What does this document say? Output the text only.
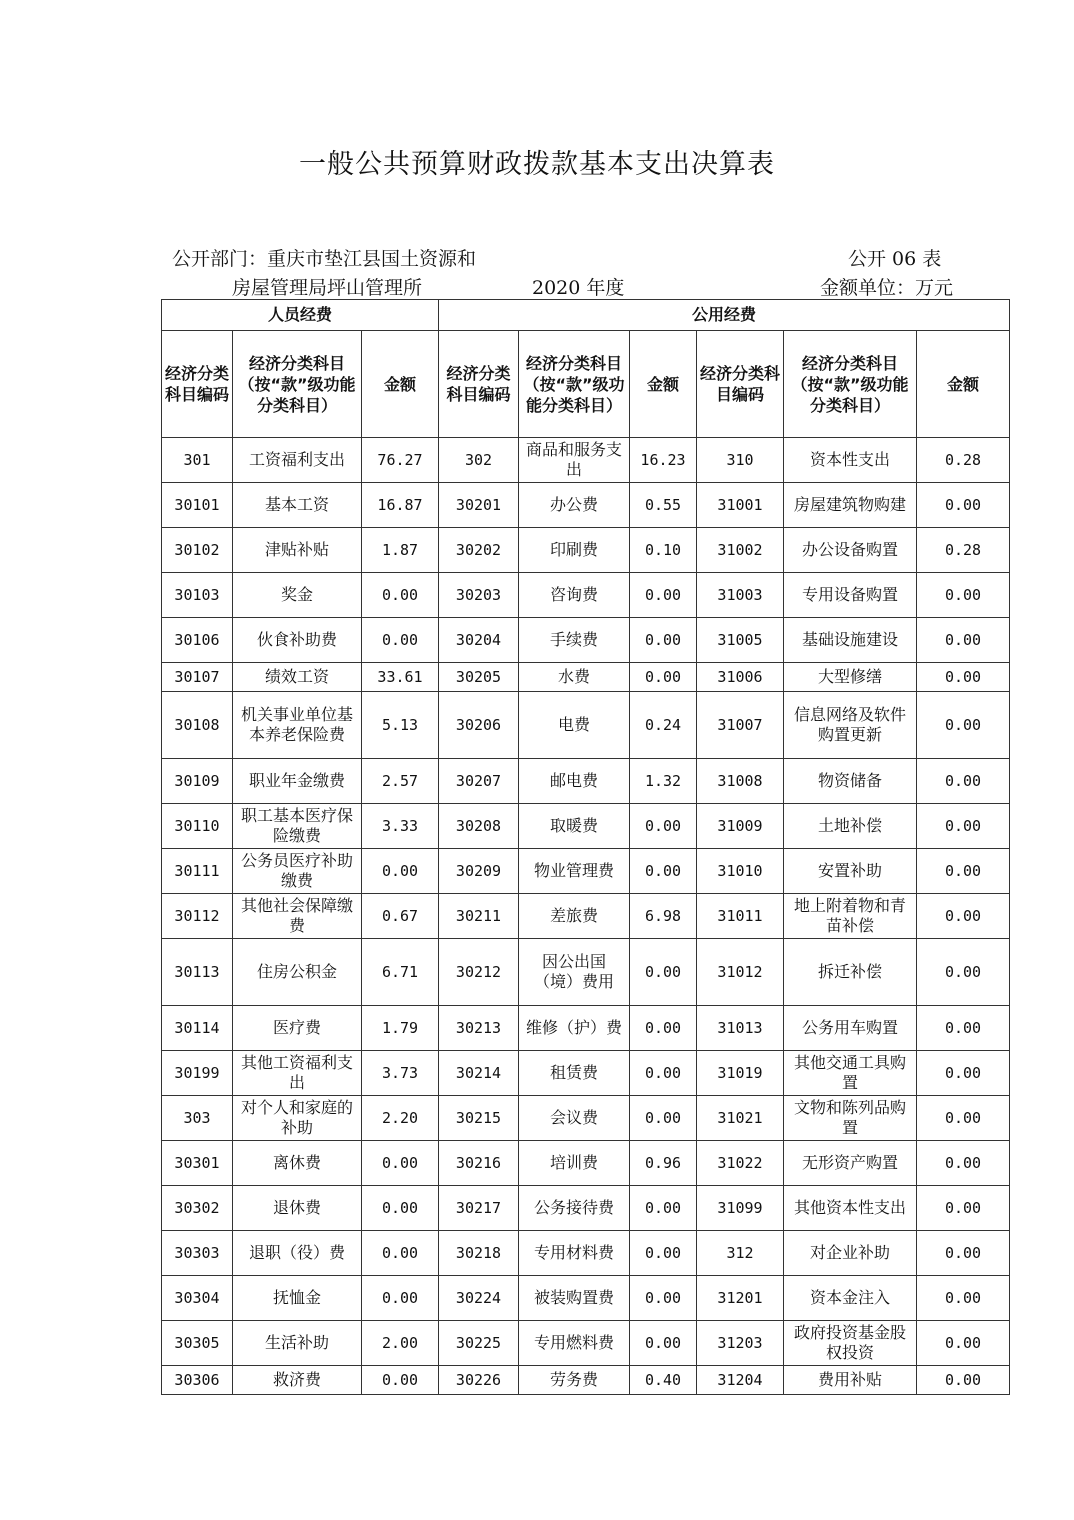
一般公共预算财政拨款基本支出决算表
公开部门：重庆市垫江县国土资源和
房屋管理局坪山管理所	2020 年度
公开 06 表
金额单位：万元
人员经费			公用经费					
经济分类科目编码	经济分类科目（按“款”级功能分类科目）	金额	经济分类科目编码	经济分类科目（按“款”级功能分类科目）	金额	经济分类科目编码	经济分类科目（按“款”级功能分类科目）	金额
301	工资福利支出	76.27	302	商品和服务支出	16.23	310	资本性支出	0.28
30101	基本工资	16.87	30201	办公费	0.55	31001	房屋建筑物购建	0.00
30102	津贴补贴	1.87	30202	印刷费	0.10	31002	办公设备购置	0.28
30103	奖金	0.00	30203	咨询费	0.00	31003	专用设备购置	0.00
30106	伙食补助费	0.00	30204	手续费	0.00	31005	基础设施建设	0.00
30107	绩效工资	33.61	30205	水费	0.00	31006	大型修缮	0.00
30108	机关事业单位基本养老保险费	5.13	30206	电费	0.24	31007	信息网络及软件购置更新	0.00
30109	职业年金缴费	2.57	30207	邮电费	1.32	31008	物资储备	0.00
30110	职工基本医疗保险缴费	3.33	30208	取暖费	0.00	31009	土地补偿	0.00
30111	公务员医疗补助缴费	0.00	30209	物业管理费	0.00	31010	安置补助	0.00
30112	其他社会保障缴费	0.67	30211	差旅费	6.98	31011	地上附着物和青苗补偿	0.00
30113	住房公积金	6.71	30212	因公出国（境）费用	0.00	31012	拆迁补偿	0.00
30114	医疗费	1.79	30213	维修（护）费	0.00	31013	公务用车购置	0.00
30199	其他工资福利支出	3.73	30214	租赁费	0.00	31019	其他交通工具购置	0.00
303	对个人和家庭的补助	2.20	30215	会议费	0.00	31021	文物和陈列品购置	0.00
30301	离休费	0.00	30216	培训费	0.96	31022	无形资产购置	0.00
30302	退休费	0.00	30217	公务接待费	0.00	31099	其他资本性支出	0.00
30303	退职（役）费	0.00	30218	专用材料费	0.00	312	对企业补助	0.00
30304	抚恤金	0.00	30224	被装购置费	0.00	31201	资本金注入	0.00
30305	生活补助	2.00	30225	专用燃料费	0.00	31203	政府投资基金股权投资	0.00
30306	救济费	0.00	30226	劳务费	0.40	31204	费用补贴	0.00
